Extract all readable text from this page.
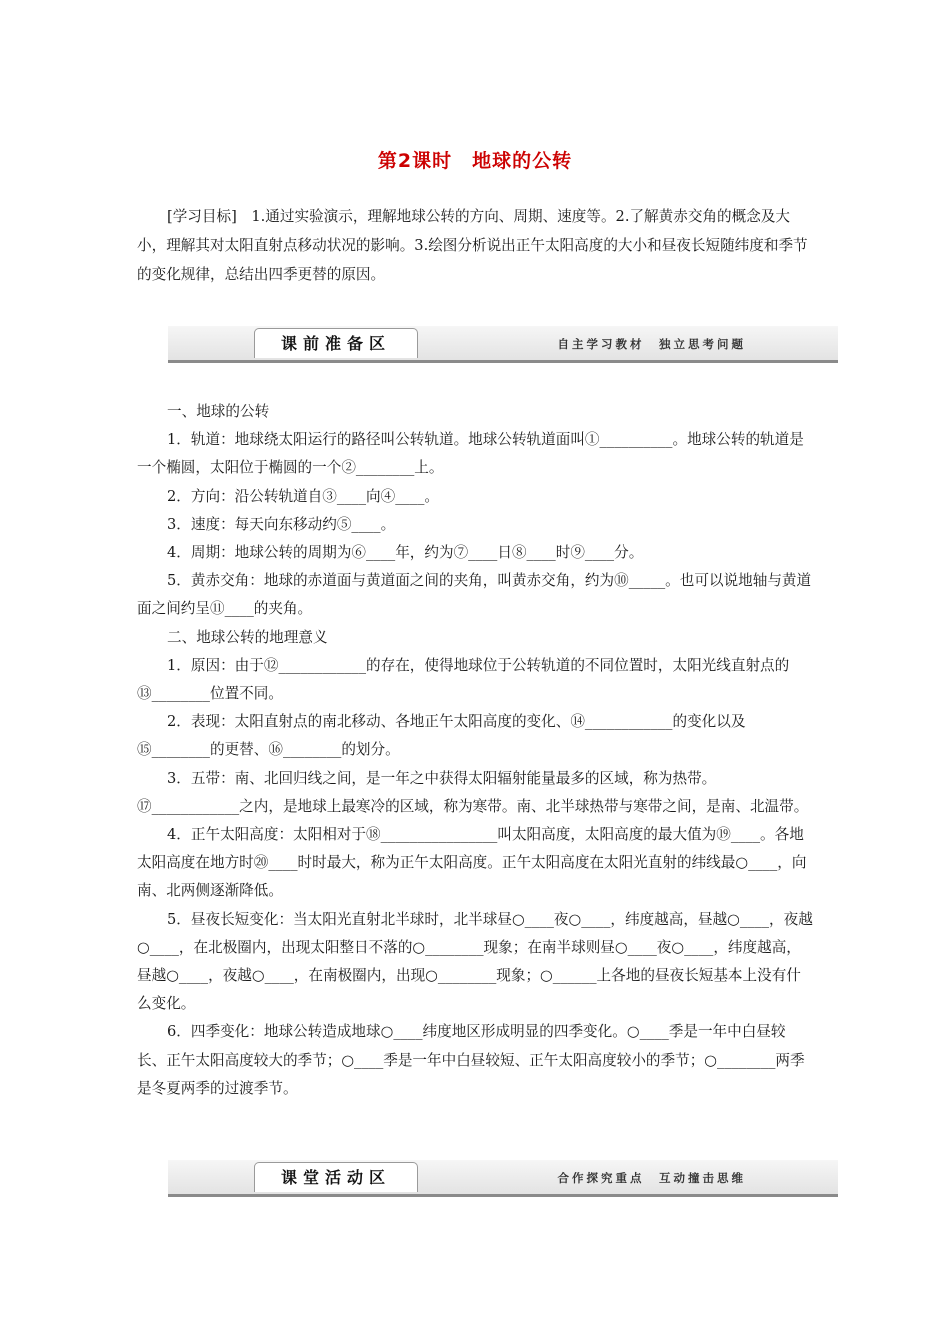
第2课时　地球的公转
[学习目标]　1.通过实验演示，理解地球公转的方向、周期、速度等。2.了解黄赤交角的概念及大小，理解其对太阳直射点移动状况的影响。3.绘图分析说出正午太阳高度的大小和昼夜长短随纬度和季节的变化规律，总结出四季更替的原因。
课前准备区	自主学习教材　独立思考问题

一、地球的公转

1．轨道：地球绕太阳运行的路径叫公转轨道。地球公转轨道面叫①__________。地球公转的轨道是一个椭圆，太阳位于椭圆的一个②________上。

2．方向：沿公转轨道自③____向④____。

3．速度：每天向东移动约⑤____。

4．周期：地球公转的周期为⑥____年，约为⑦____日⑧____时⑨____分。

5．黄赤交角：地球的赤道面与黄道面之间的夹角，叫黄赤交角，约为⑩_____。也可以说地轴与黄道面之间约呈⑪____的夹角。

二、地球公转的地理意义

1．原因：由于⑫____________的存在，使得地球位于公转轨道的不同位置时，太阳光线直射点的⑬________位置不同。

2．表现：太阳直射点的南北移动、各地正午太阳高度的变化、⑭____________的变化以及⑮________的更替、⑯________的划分。

3．五带：南、北回归线之间，是一年之中获得太阳辐射能量最多的区域，称为热带。⑰____________之内，是地球上最寒冷的区域，称为寒带。南、北半球热带与寒带之间，是南、北温带。

4．正午太阳高度：太阳相对于⑱________________叫太阳高度，太阳高度的最大值为⑲____。各地太阳高度在地方时⑳____时时最大，称为正午太阳高度。正午太阳高度在太阳光直射的纬线最○____，向南、北两侧逐渐降低。

5．昼夜长短变化：当太阳光直射北半球时，北半球昼○____夜○____，纬度越高，昼越○____，夜越○____，在北极圈内，出现太阳整日不落的○________现象；在南半球则昼○____夜○____，纬度越高，昼越○____，夜越○____，在南极圈内，出现○________现象；○______上各地的昼夜长短基本上没有什么变化。

6．四季变化：地球公转造成地球○____纬度地区形成明显的四季变化。○____季是一年中白昼较长、正午太阳高度较大的季节；○____季是一年中白昼较短、正午太阳高度较小的季节；○________两季是冬夏两季的过渡季节。

课堂活动区	合作探究重点　互动撞击思维
